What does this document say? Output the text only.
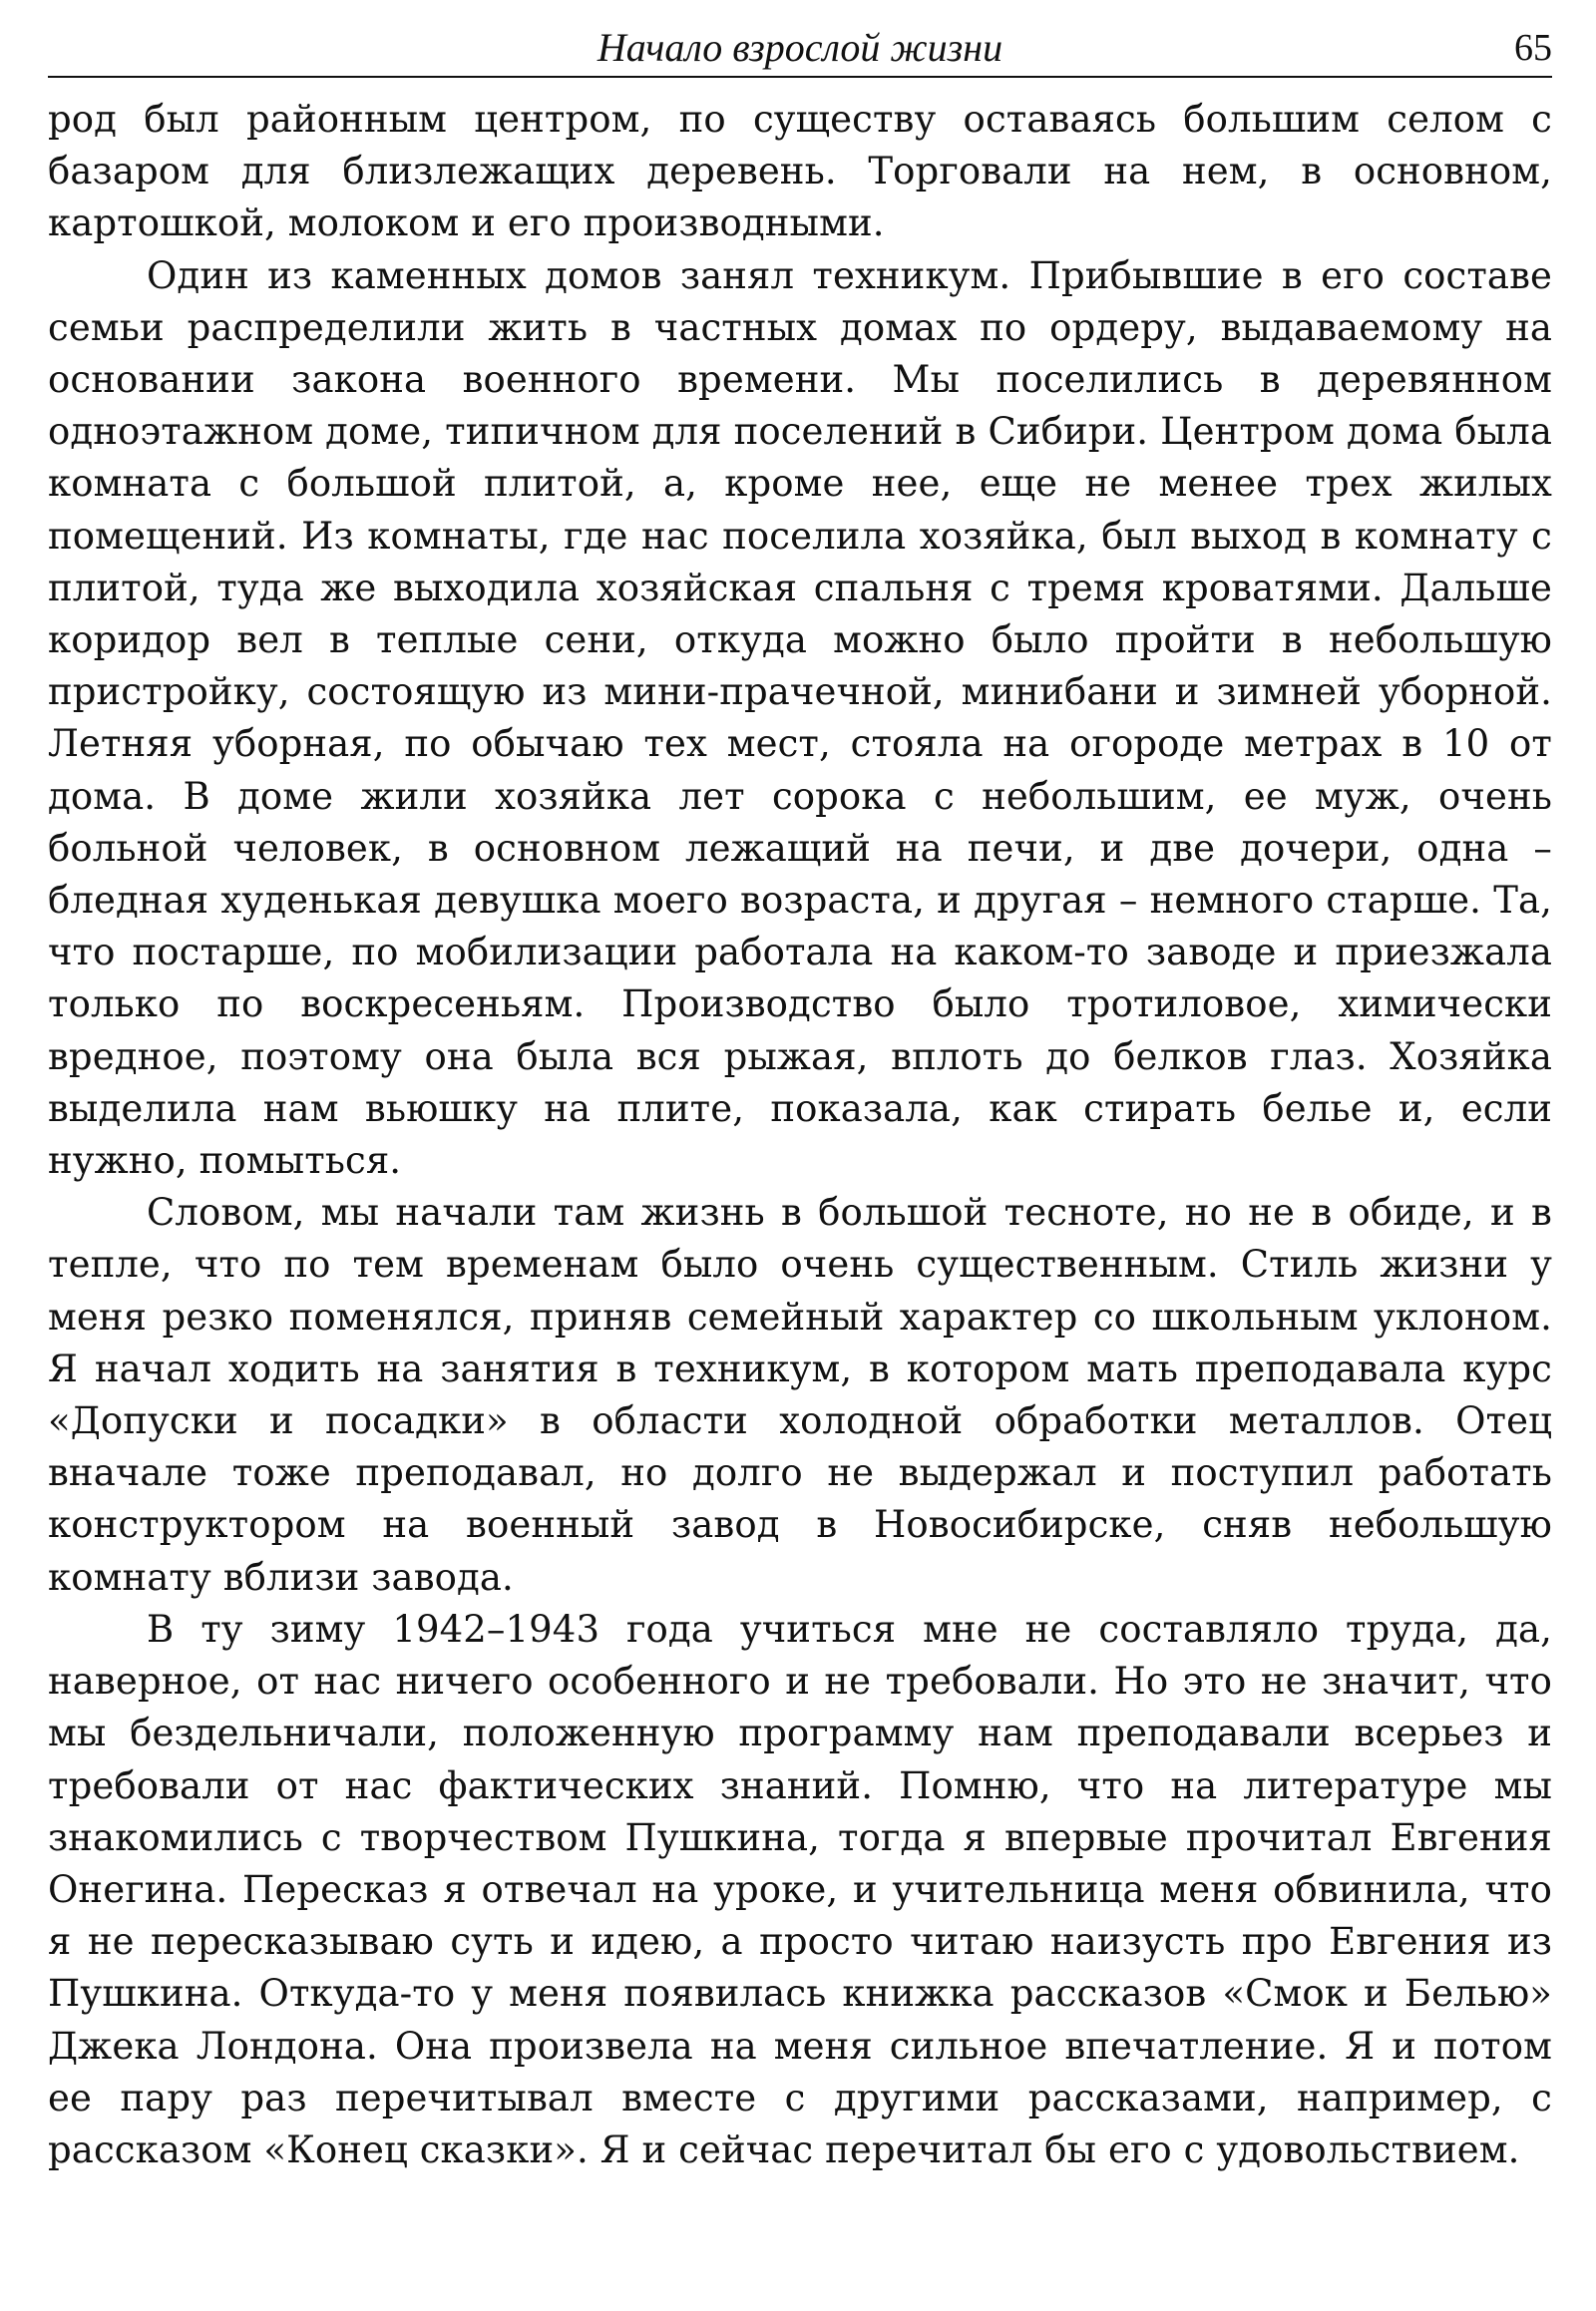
Начало взрослой жизни	65

род был районным центром, по существу оставаясь большим селом с базаром для близлежащих деревень. Торговали на нем, в основном, картошкой, молоком и его производными.

Один из каменных домов занял техникум. Прибывшие в его составе семьи распределили жить в частных домах по ордеру, выдаваемому на основании закона военного времени. Мы поселились в деревянном одноэтажном доме, типичном для поселений в Сибири. Центром дома была комната с большой плитой, а, кроме нее, еще не менее трех жилых помещений. Из комнаты, где нас поселила хозяйка, был выход в комнату с плитой, туда же выходила хозяйская спальня с тремя кроватями. Дальше коридор вел в теплые сени, откуда можно было пройти в небольшую пристройку, состоящую из мини-прачечной, минибани и зимней уборной. Летняя уборная, по обычаю тех мест, стояла на огороде метрах в 10 от дома. В доме жили хозяйка лет сорока с небольшим, ее муж, очень больной человек, в основном лежащий на печи, и две дочери, одна – бледная худенькая девушка моего возраста, и другая – немного старше. Та, что постарше, по мобилизации работала на каком-то заводе и приезжала только по воскресеньям. Производство было тротиловое, химически вредное, поэтому она была вся рыжая, вплоть до белков глаз. Хозяйка выделила нам вьюшку на плите, показала, как стирать белье и, если нужно, помыться.

Словом, мы начали там жизнь в большой тесноте, но не в обиде, и в тепле, что по тем временам было очень существенным. Стиль жизни у меня резко поменялся, приняв семейный характер со школьным уклоном. Я начал ходить на занятия в техникум, в котором мать преподавала курс «Допуски и посадки» в области холодной обработки металлов. Отец вначале тоже преподавал, но долго не выдержал и поступил работать конструктором на военный завод в Новосибирске, сняв небольшую комнату вблизи завода.

В ту зиму 1942–1943 года учиться мне не составляло труда, да, наверное, от нас ничего особенного и не требовали. Но это не значит, что мы бездельничали, положенную программу нам преподавали всерьез и требовали от нас фактических знаний. Помню, что на литературе мы знакомились с творчеством Пушкина, тогда я впервые прочитал Евгения Онегина. Пересказ я отвечал на уроке, и учительница меня обвинила, что я не пересказываю суть и идею, а просто читаю наизусть про Евгения из Пушкина. Откуда-то у меня появилась книжка рассказов «Смок и Белью» Джека Лондона. Она произвела на меня сильное впечатление. Я и потом ее пару раз перечитывал вместе с другими рассказами, например, с рассказом «Конец сказки». Я и сейчас перечитал бы его с удовольствием.
